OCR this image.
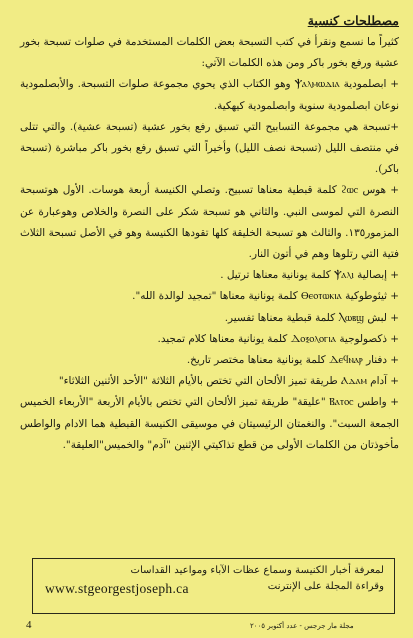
مصطلحات كنسية

كثيراً ما نسمع ونقرأ في كتب التسبحة بعض الكلمات المستخدمة في صلوات تسبحة بخور عشية ورفع بخور باكر ومن هذه الكلمات الآتي:

+ ابصلمودية Ⲯⲁⲗⲙⲱⲇⲓⲁ وهو الكتاب الذي يحوي مجموعة صلوات التسبحة. والأبصلمودية نوعان ابصلمودية سنوية وابصلمودية كيهكية.

+تسبحة هي مجموعة التسابيح التي تسبق رفع بخور عشية (تسبحة عشية). والتي تتلى في منتصف الليل (تسبحة نصف الليل) وأخيراً التي تسبق رفع بخور باكر مباشرة (تسبحة باكر).

+ هوس ϩⲱⲥ كلمة قبطية معناها تسبيح. وتصلي الكنيسة أربعة هوسات. الأول هوتسبحة النصرة التي لموسى النبي. والثاني هو تسبحة شكر على النصرة والخلاص وهوعبارة عن المزمور١٣٥. والثالث هو تسبحة الخليقة كلها تقودها الكنيسة وهو في الأصل تسبحة الثلاث فتية التي رتلوها وهم في أتون النار.

+ إبصالية Ⲯⲁⲗⲓ كلمة يونانية معناها ترتيل .

+ ثيئوطوكية Ⲑⲉⲟⲧⲱⲕⲓⲁ كلمة يونانية معناها "تمجيد لوالدة الله".

+ لبش Ⲗⲱⲃϣ كلمة قبطية معناها تفسير.

+ ذكصولوجية Ⲇⲟⲝⲟⲗⲟⲅⲓⲁ كلمة يونانية معناها كلام تمجيد.

+ دفنار Ⲇⲉϥⲛⲁⲣ كلمة يونانية معناها مختصر تاريخ.

+ آدام Ⲁⲇⲁⲙ طريقة تميز الألحان التي تختص بالأيام الثلاثة "الأحد الأثنين الثلاثاء"

+ واطس Ⲃⲁⲧⲟⲥ "عليقة" طريقة تميز الألحان التي تختص بالأيام الأربعة "الأربعاء الخميس الجمعة السبت". والنغمتان الرئيسيتان في موسيقى الكنيسة القبطية هما الادام والواطس مأخوذتان من الكلمات الأولى من قطع تذاكيتي الإثنين "آدم" والخميس"العليقة".

لمعرفة أخبار الكنيسة وسماع عظات الآباء ومواعيد القداسات
وقراءة المجلة على الإنترنت
www.stgeorgestjoseph.ca
4	مجلة مار جرجس - عدد أكتوبر ٢٠٠٥
